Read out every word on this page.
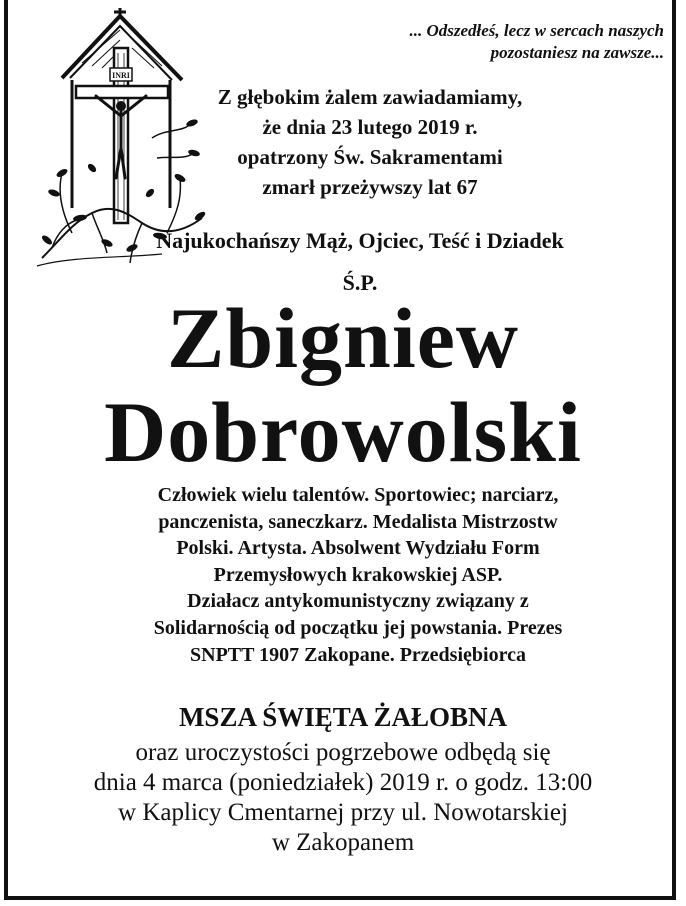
... Odszedłeś, lecz w sercach naszych
pozostaniesz na zawsze...
INRI
Z głębokim żalem zawiadamiamy,
że dnia 23 lutego 2019 r.
opatrzony Św. Sakramentami
zmarł przeżywszy lat 67
Najukochańszy Mąż, Ojciec, Teść i Dziadek
Ś.P.
Zbigniew
Dobrowolski
Człowiek wielu talentów. Sportowiec; narciarz,
panczenista, saneczkarz. Medalista Mistrzostw
Polski. Artysta. Absolwent Wydziału Form
Przemysłowych krakowskiej ASP.
Działacz antykomunistyczny związany z
Solidarnością od początku jej powstania. Prezes
SNPTT 1907 Zakopane. Przedsiębiorca
MSZA ŚWIĘTA ŻAŁOBNA
oraz uroczystości pogrzebowe odbędą się
dnia 4 marca (poniedziałek) 2019 r. o godz. 13:00
w Kaplicy Cmentarnej przy ul. Nowotarskiej
w Zakopanem
